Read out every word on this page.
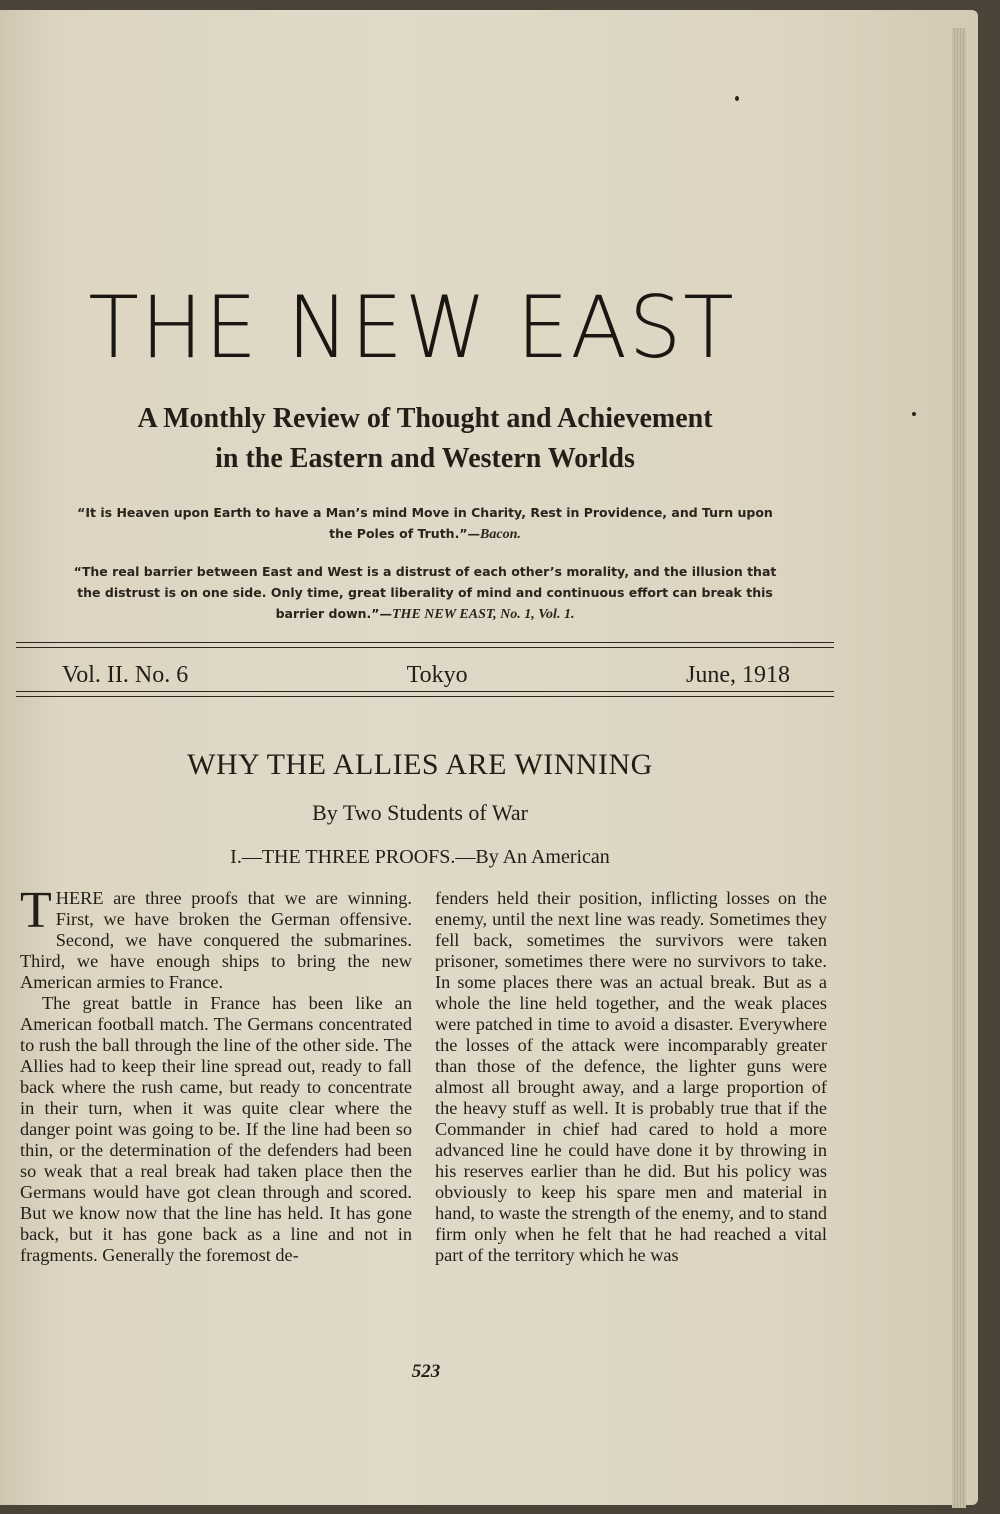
THE NEW EAST
A Monthly Review of Thought and Achievement
in the Eastern and Western Worlds
“It is Heaven upon Earth to have a Man’s mind Move in Charity, Rest in Providence, and Turn upon the Poles of Truth.”—Bacon.
“The real barrier between East and West is a distrust of each other’s morality, and the illusion that the distrust is on one side. Only time, great liberality of mind and continuous effort can break this barrier down.”—THE NEW EAST, No. 1, Vol. 1.
Vol. II. No. 6	Tokyo	June, 1918
WHY THE ALLIES ARE WINNING
By Two Students of War
I.—THE THREE PROOFS.—By An American

THERE are three proofs that we are winning. First, we have broken the German offensive. Second, we have conquered the submarines. Third, we have enough ships to bring the new American armies to France.

The great battle in France has been like an American football match. The Germans concentrated to rush the ball through the line of the other side. The Allies had to keep their line spread out, ready to fall back where the rush came, but ready to concentrate in their turn, when it was quite clear where the danger point was going to be. If the line had been so thin, or the determination of the defenders had been so weak that a real break had taken place then the Germans would have got clean through and scored. But we know now that the line has held. It has gone back, but it has gone back as a line and not in fragments. Generally the foremost de-

fenders held their position, inflicting losses on the enemy, until the next line was ready. Sometimes they fell back, sometimes the survivors were taken prisoner, sometimes there were no survivors to take. In some places there was an actual break. But as a whole the line held together, and the weak places were patched in time to avoid a disaster. Everywhere the losses of the attack were incomparably greater than those of the defence, the lighter guns were almost all brought away, and a large proportion of the heavy stuff as well. It is probably true that if the Commander in chief had cared to hold a more advanced line he could have done it by throwing in his reserves earlier than he did. But his policy was obviously to keep his spare men and material in hand, to waste the strength of the enemy, and to stand firm only when he felt that he had reached a vital part of the territory which he was

523
